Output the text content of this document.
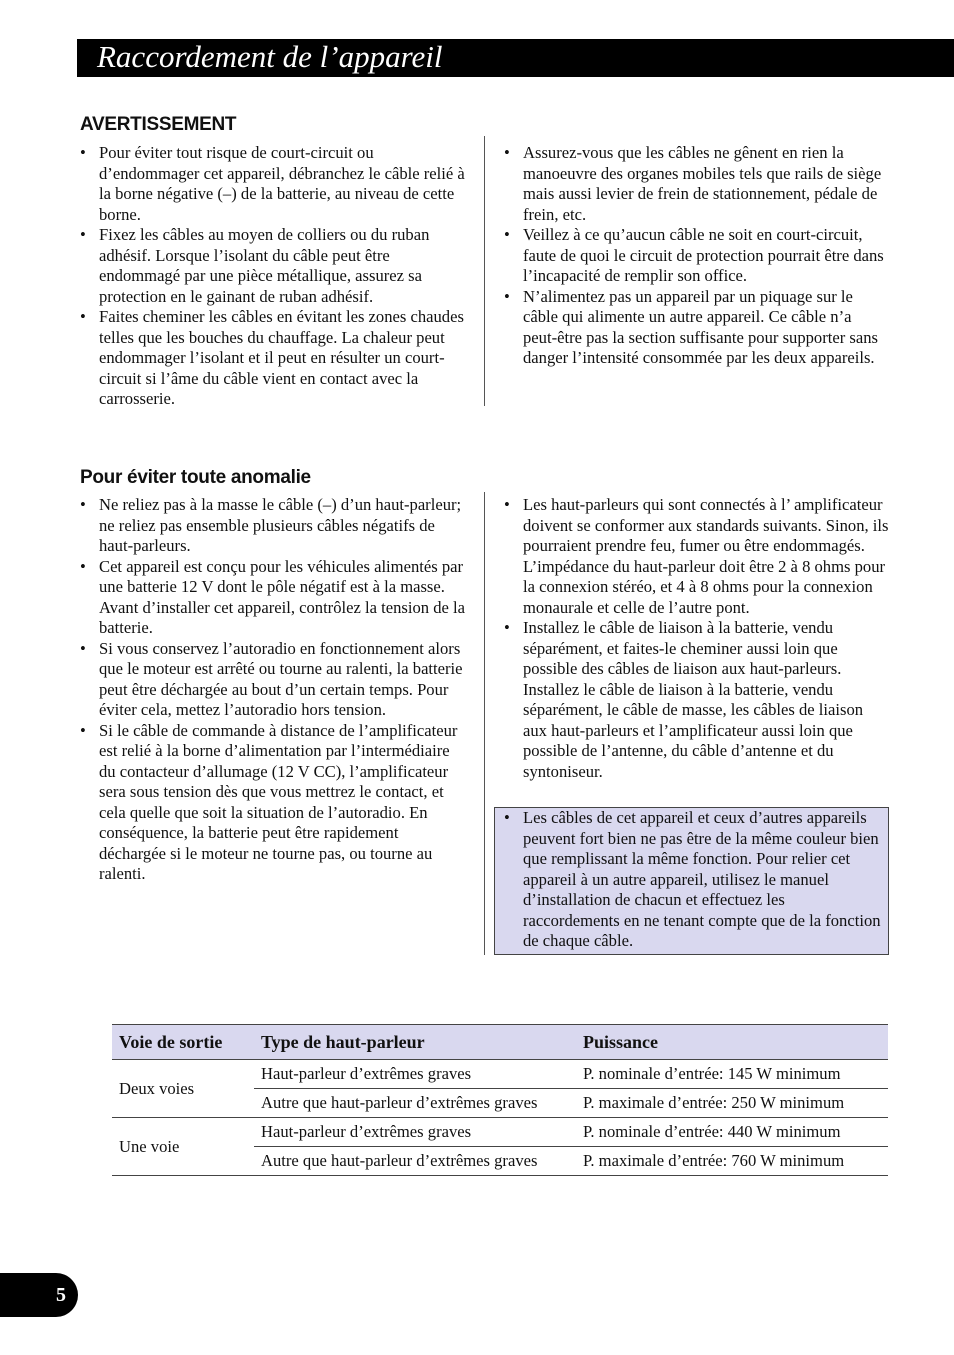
Raccordement de l’appareil
AVERTISSEMENT
• Pour éviter tout risque de court-circuit ou d’endommager cet appareil, débranchez le câble relié à la borne négative (–) de la batterie, au niveau de cette borne.
• Fixez les câbles au moyen de colliers ou du ruban adhésif. Lorsque l’isolant du câble peut être endommagé par une pièce métallique, assurez sa protection en le gainant de ruban adhésif.
• Faites cheminer les câbles en évitant les zones chaudes telles que les bouches du chauffage. La chaleur peut endommager l’isolant et il peut en résulter un court-circuit si l’âme du câble vient en contact avec la carrosserie.
• Assurez-vous que les câbles ne gênent en rien la manoeuvre des organes mobiles tels que rails de siège mais aussi levier de frein de stationnement, pédale de frein, etc.
• Veillez à ce qu’aucun câble ne soit en court-circuit, faute de quoi le circuit de protection pourrait être dans l’incapacité de remplir son office.
• N’alimentez pas un appareil par un piquage sur le câble qui alimente un autre appareil. Ce câble n’a peut-être pas la section suffisante pour supporter sans danger l’intensité consommée par les deux appareils.
Pour éviter toute anomalie
• Ne reliez pas à la masse le câble (–) d’un haut-parleur; ne reliez pas ensemble plusieurs câbles négatifs de haut-parleurs.
• Cet appareil est conçu pour les véhicules alimentés par une batterie 12 V dont le pôle négatif est à la masse. Avant d’installer cet appareil, contrôlez la tension de la batterie.
• Si vous conservez l’autoradio en fonctionnement alors que le moteur est arrêté ou tourne au ralenti, la batterie peut être déchargée au bout d’un certain temps. Pour éviter cela, mettez l’autoradio hors tension.
• Si le câble de commande à distance de l’amplificateur est relié à la borne d’alimentation par l’intermédiaire du contacteur d’allumage (12 V CC), l’amplificateur sera sous tension dès que vous mettrez le contact, et cela quelle que soit la situation de l’autoradio. En conséquence, la batterie peut être rapidement déchargée si le moteur ne tourne pas, ou tourne au ralenti.
• Les haut-parleurs qui sont connectés à l’ amplificateur doivent se conformer aux standards suivants. Sinon, ils pourraient prendre feu, fumer ou être endommagés. L’impédance du haut-parleur doit être 2 à 8 ohms pour la connexion stéréo, et 4 à 8 ohms pour la connexion monaurale et celle de l’autre pont.
• Installez le câble de liaison à la batterie, vendu séparément, et faites-le cheminer aussi loin que possible des câbles de liaison aux haut-parleurs. Installez le câble de liaison à la batterie, vendu séparément, le câble de masse, les câbles de liaison aux haut-parleurs et l’amplificateur aussi loin que possible de l’antenne, du câble d’antenne et du syntoniseur.
• Les câbles de cet appareil et ceux d’autres appareils peuvent fort bien ne pas être de la même couleur bien que remplissant la même fonction. Pour relier cet appareil à un autre appareil, utilisez le manuel d’installation de chacun et effectuez les raccordements en ne tenant compte que de la fonction de chaque câble.
Voie de sortie	Type de haut-parleur	Puissance
Deux voies	Haut-parleur d’extrêmes graves	P. nominale d’entrée: 145 W minimum
	Autre que haut-parleur d’extrêmes graves	P. maximale d’entrée: 250 W minimum
Une voie	Haut-parleur d’extrêmes graves	P. nominale d’entrée: 440 W minimum
	Autre que haut-parleur d’extrêmes graves	P. maximale d’entrée: 760 W minimum
5
